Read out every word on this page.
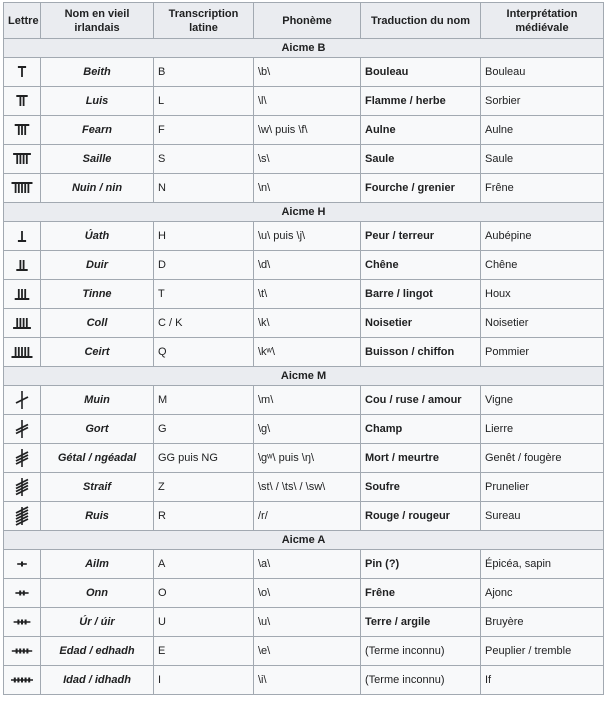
Lettre	Nom en vieil irlandais	Transcription latine	Phonème	Traduction du nom	Interprétation médiévale
Aicme B					

	Beith	B	\b\	Bouleau	Bouleau

	Luis	L	\l\	Flamme / herbe	Sorbier

	Fearn	F	\w\ puis \f\	Aulne	Aulne

	Saille	S	\s\	Saule	Saule

	Nuin / nin	N	\n\	Fourche / grenier	Frêne
Aicme H					

	Úath	H	\u\ puis \j\	Peur / terreur	Aubépine

	Duir	D	\d\	Chêne	Chêne

	Tinne	T	\t\	Barre / lingot	Houx

	Coll	C / K	\k\	Noisetier	Noisetier

	Ceirt	Q	\kʷ\	Buisson / chiffon	Pommier
Aicme M					

	Muin	M	\m\	Cou / ruse / amour	Vigne

	Gort	G	\g\	Champ	Lierre

	Gétal / ngéadal	GG puis NG	\gʷ\ puis \ŋ\	Mort / meurtre	Genêt / fougère

	Straif	Z	\st\ / \ts\ / \sw\	Soufre	Prunelier

	Ruis	R	/r/	Rouge / rougeur	Sureau
Aicme A					

	Ailm	A	\a\	Pin (?)	Épicéa, sapin

	Onn	O	\o\	Frêne	Ajonc

	Úr / úir	U	\u\	Terre / argile	Bruyère

	Edad / edhadh	E	\e\	(Terme inconnu)	Peuplier / tremble

	Idad / idhadh	I	\i\	(Terme inconnu)	If
